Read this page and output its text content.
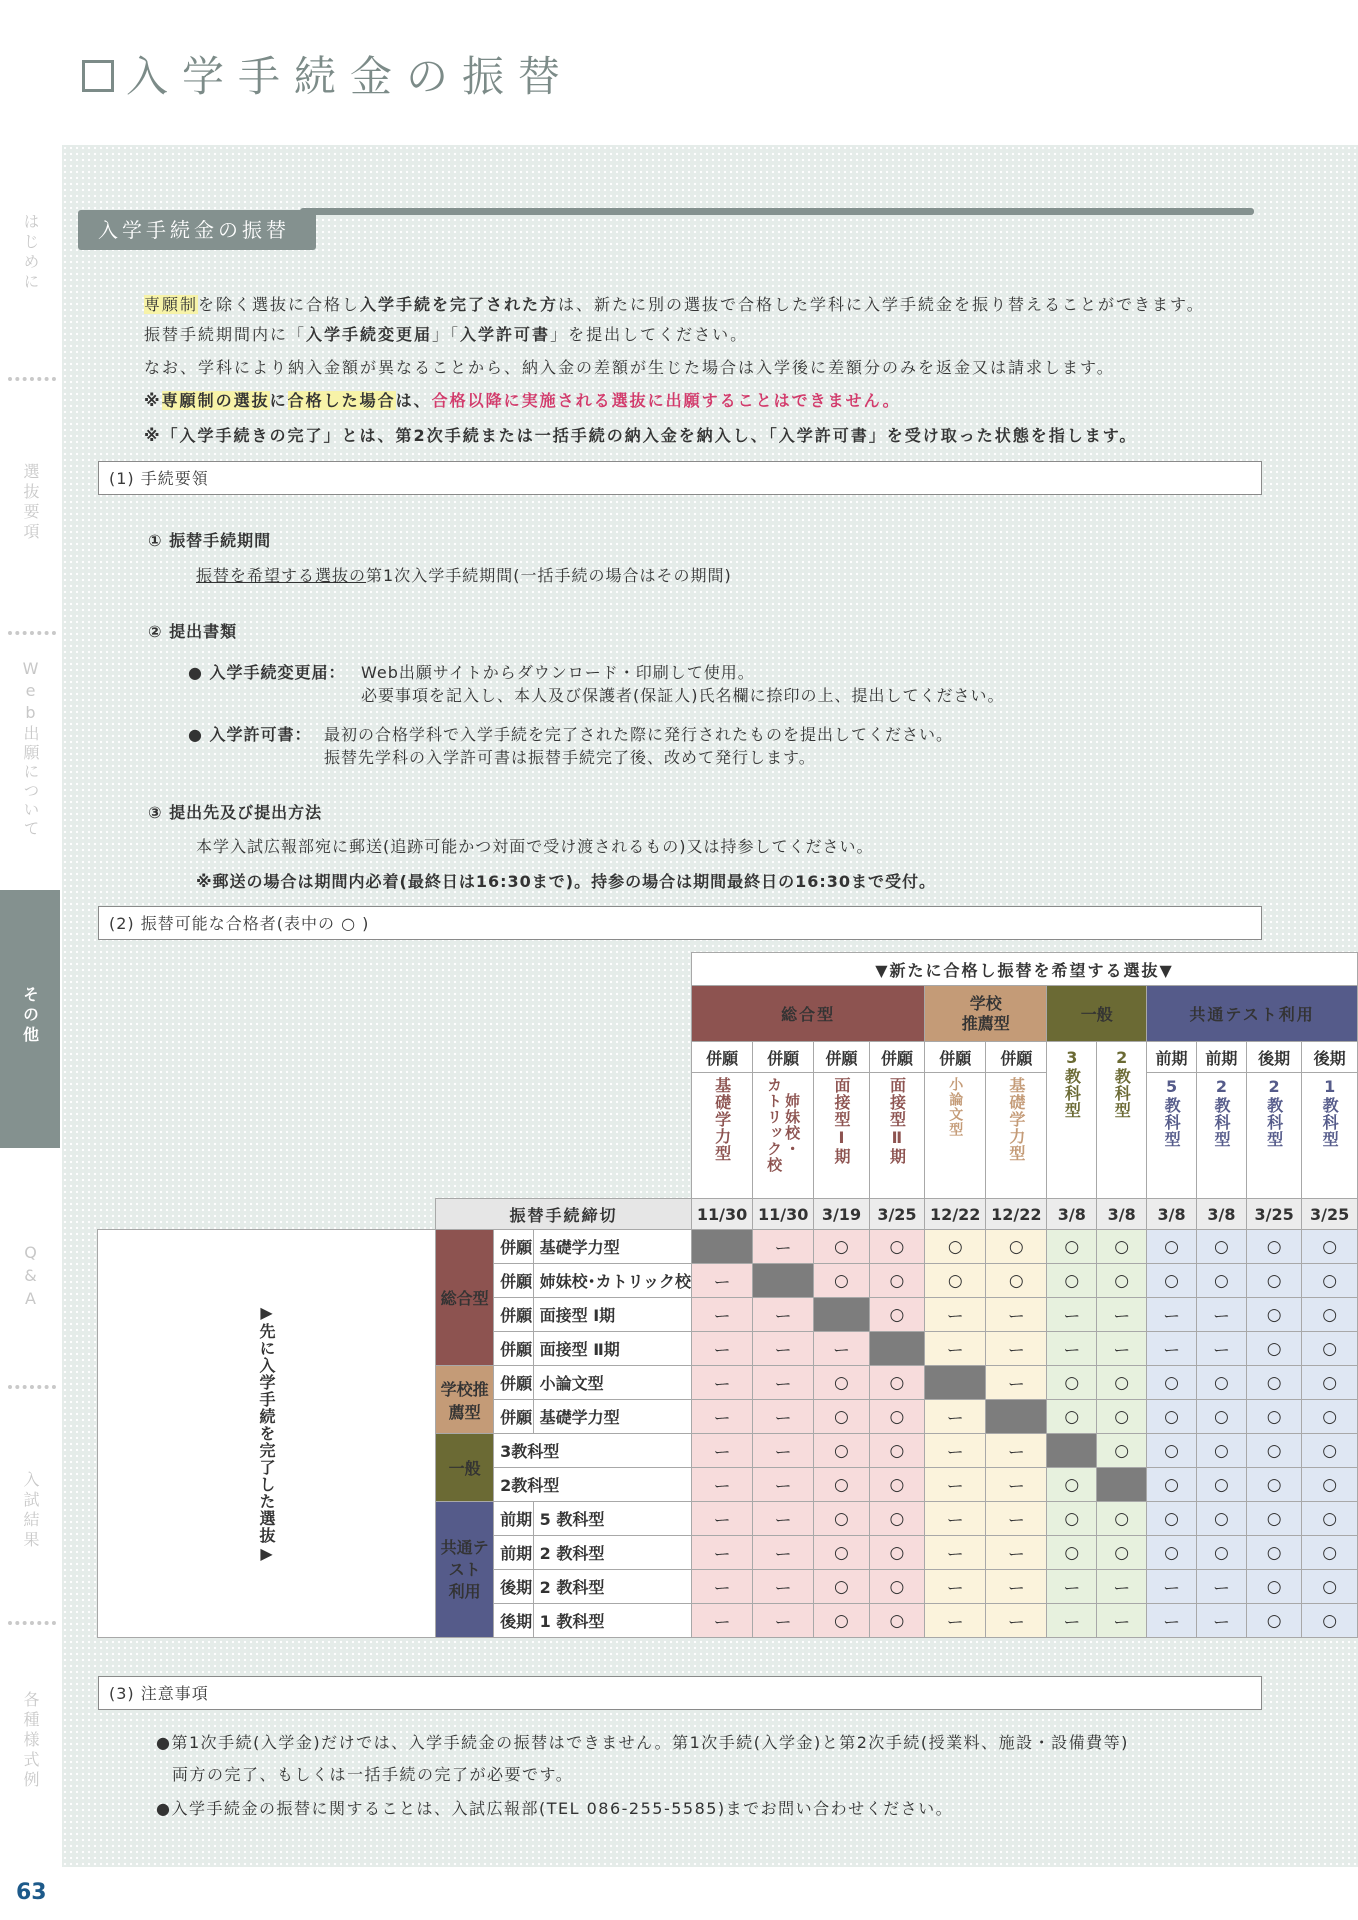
入学手続金の振替
はじめに
選抜要項
Web出願について
Q&A
入試結果
各種様式例
その他
入学手続金の振替
専願制を除く選抜に合格し入学手続を完了された方は、新たに別の選抜で合格した学科に入学手続金を振り替えることができます。
振替手続期間内に「入学手続変更届」「入学許可書」を提出してください。
なお、学科により納入金額が異なることから、納入金の差額が生じた場合は入学後に差額分のみを返金又は請求します。
※専願制の選抜に合格した場合は、合格以降に実施される選抜に出願することはできません。
※「入学手続きの完了」とは、第2次手続または一括手続の納入金を納入し、「入学許可書」を受け取った状態を指します。
(1) 手続要領
① 振替手続期間
振替を希望する選抜の第1次入学手続期間(一括手続の場合はその期間)
② 提出書類
● 入学手続変更届： Web出願サイトからダウンロード・印刷して使用。
必要事項を記入し、本人及び保護者(保証人)氏名欄に捺印の上、提出してください。
● 入学許可書： 最初の合格学科で入学手続を完了された際に発行されたものを提出してください。
振替先学科の入学許可書は振替手続完了後、改めて発行します。
③ 提出先及び提出方法
本学入試広報部宛に郵送(追跡可能かつ対面で受け渡されるもの)又は持参してください。
※郵送の場合は期間内必着(最終日は16:30まで)。持参の場合は期間最終日の16:30まで受付。
(2) 振替可能な合格者(表中の ○ )
				▼新たに合格し振替を希望する選抜▼											
				総合型				学校
推薦型		一般		共通テスト利用			
				併願	併願	併願	併願	併願	併願	3教科型	2教科型	前期	前期	後期	後期

				基礎学力型	姉妹校・
カトリック校	面接型Ⅰ期	面接型Ⅱ期	小論文型	基礎学力型			5教科型	2教科型	2教科型	1教科型

	振替手続締切			11/30	11/30	3/19	3/25	12/22	12/22	3/8	3/8	3/8	3/8	3/25	3/25

▶先に入学手続を完了した選抜▶	総合型	併願	基礎学力型		ー	○	○	○	○	○	○	○	○	○	○
		併願	姉妹校･カトリック校	ー		○	○	○	○	○	○	○	○	○	○
		併願	面接型 Ⅰ期	ー	ー		○	ー	ー	ー	ー	ー	ー	○	○
		併願	面接型 Ⅱ期	ー	ー	ー		ー	ー	ー	ー	ー	ー	○	○
	学校推薦型	併願	小論文型	ー	ー	○	○		ー	○	○	○	○	○	○
		併願	基礎学力型	ー	ー	○	○	ー		○	○	○	○	○	○
	一般	3教科型		ー	ー	○	○	ー	ー		○	○	○	○	○
		2教科型		ー	ー	○	○	ー	ー	○		○	○	○	○
	共通テスト
利用	前期	5 教科型	ー	ー	○	○	ー	ー	○	○	○	○	○	○
		前期	2 教科型	ー	ー	○	○	ー	ー	○	○	○	○	○	○
		後期	2 教科型	ー	ー	○	○	ー	ー	ー	ー	ー	ー	○	○
		後期	1 教科型	ー	ー	○	○	ー	ー	ー	ー	ー	ー	○	○
(3) 注意事項
●第1次手続(入学金)だけでは、入学手続金の振替はできません。第1次手続(入学金)と第2次手続(授業料、施設・設備費等)
両方の完了、もしくは一括手続の完了が必要です。
●入学手続金の振替に関することは、入試広報部(TEL 086-255-5585)までお問い合わせください。
63
